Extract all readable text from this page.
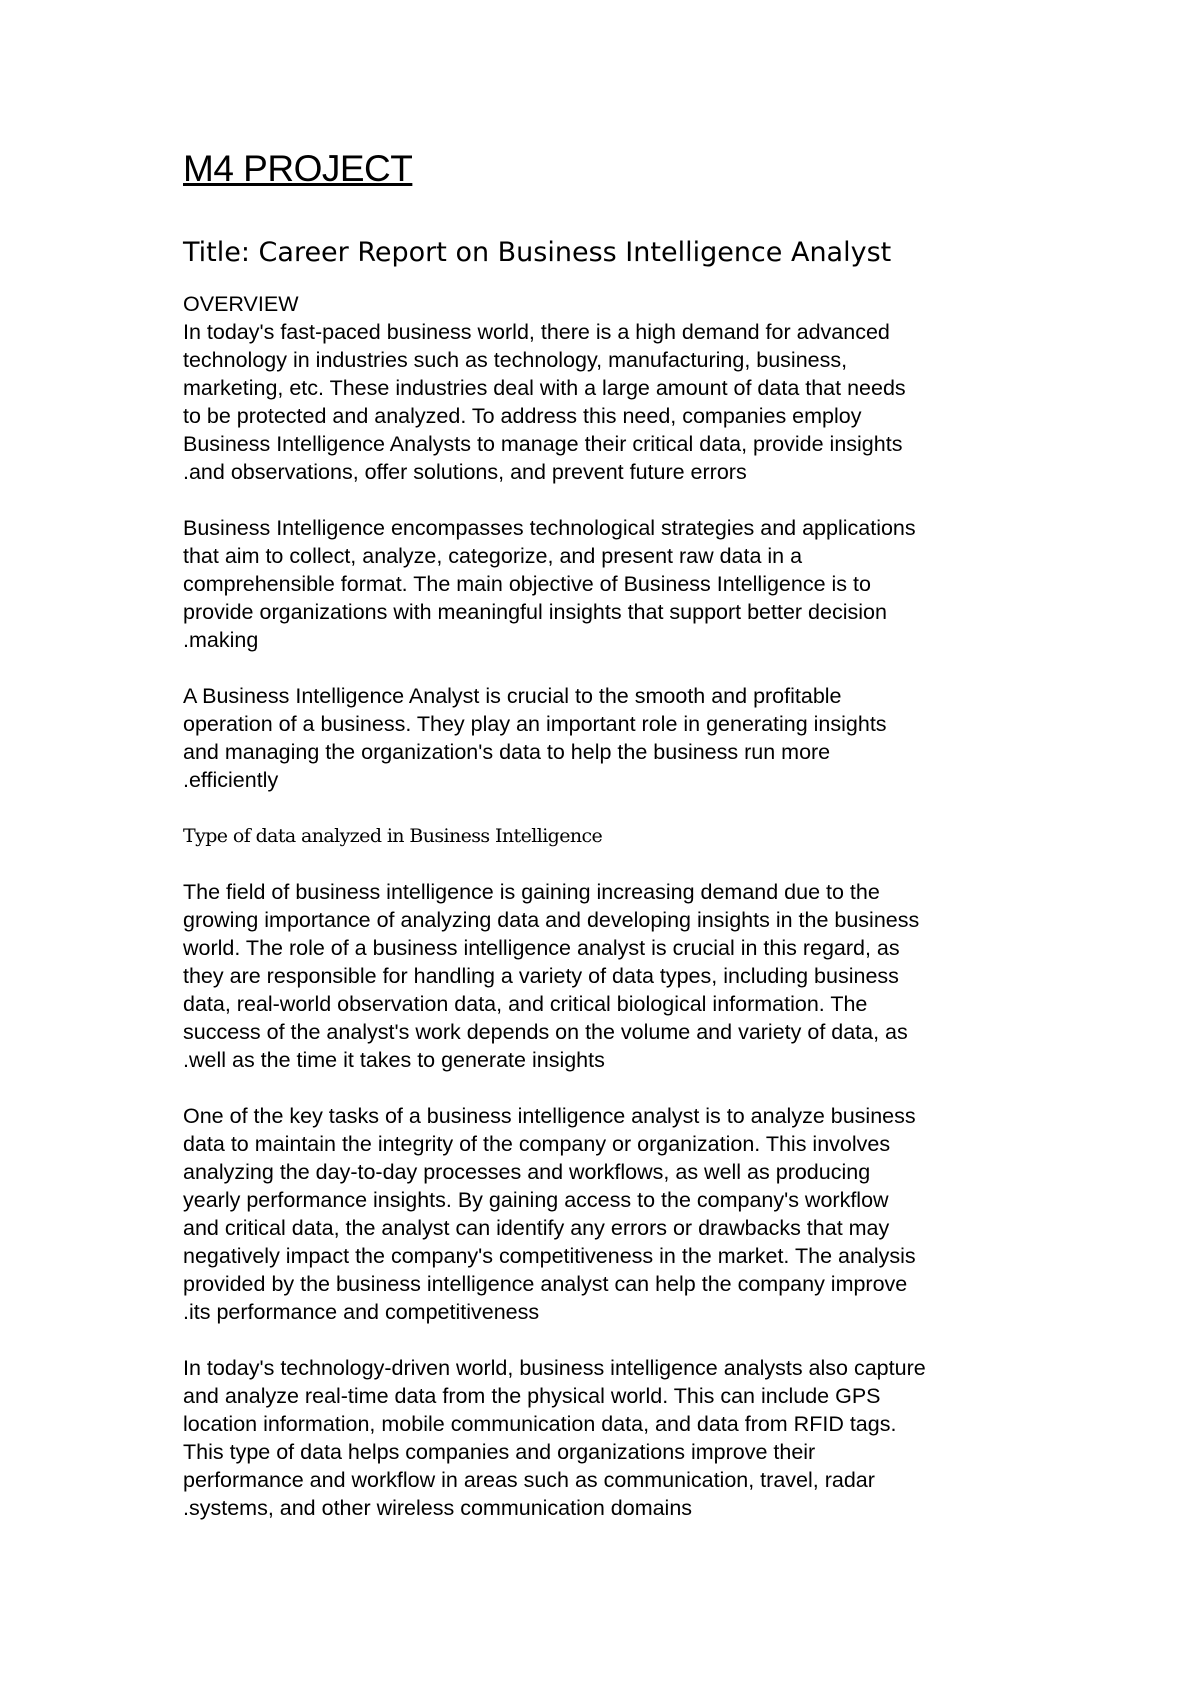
M4 PROJECT
Title: Career Report on Business Intelligence Analyst
OVERVIEW

In today's fast-paced business world, there is a high demand for advanced
technology in industries such as technology, manufacturing, business,
marketing, etc. These industries deal with a large amount of data that needs
to be protected and analyzed. To address this need, companies employ
Business Intelligence Analysts to manage their critical data, provide insights
.and observations, offer solutions, and prevent future errors

Business Intelligence encompasses technological strategies and applications
that aim to collect, analyze, categorize, and present raw data in a
comprehensible format. The main objective of Business Intelligence is to
provide organizations with meaningful insights that support better decision
.making

A Business Intelligence Analyst is crucial to the smooth and profitable
operation of a business. They play an important role in generating insights
and managing the organization's data to help the business run more
.efficiently

Type of data analyzed in Business Intelligence

The field of business intelligence is gaining increasing demand due to the
growing importance of analyzing data and developing insights in the business
world. The role of a business intelligence analyst is crucial in this regard, as
they are responsible for handling a variety of data types, including business
data, real-world observation data, and critical biological information. The
success of the analyst's work depends on the volume and variety of data, as
.well as the time it takes to generate insights

One of the key tasks of a business intelligence analyst is to analyze business
data to maintain the integrity of the company or organization. This involves
analyzing the day-to-day processes and workflows, as well as producing
yearly performance insights. By gaining access to the company's workflow
and critical data, the analyst can identify any errors or drawbacks that may
negatively impact the company's competitiveness in the market. The analysis
provided by the business intelligence analyst can help the company improve
.its performance and competitiveness

In today's technology-driven world, business intelligence analysts also capture
and analyze real-time data from the physical world. This can include GPS
location information, mobile communication data, and data from RFID tags.
This type of data helps companies and organizations improve their
performance and workflow in areas such as communication, travel, radar
.systems, and other wireless communication domains
